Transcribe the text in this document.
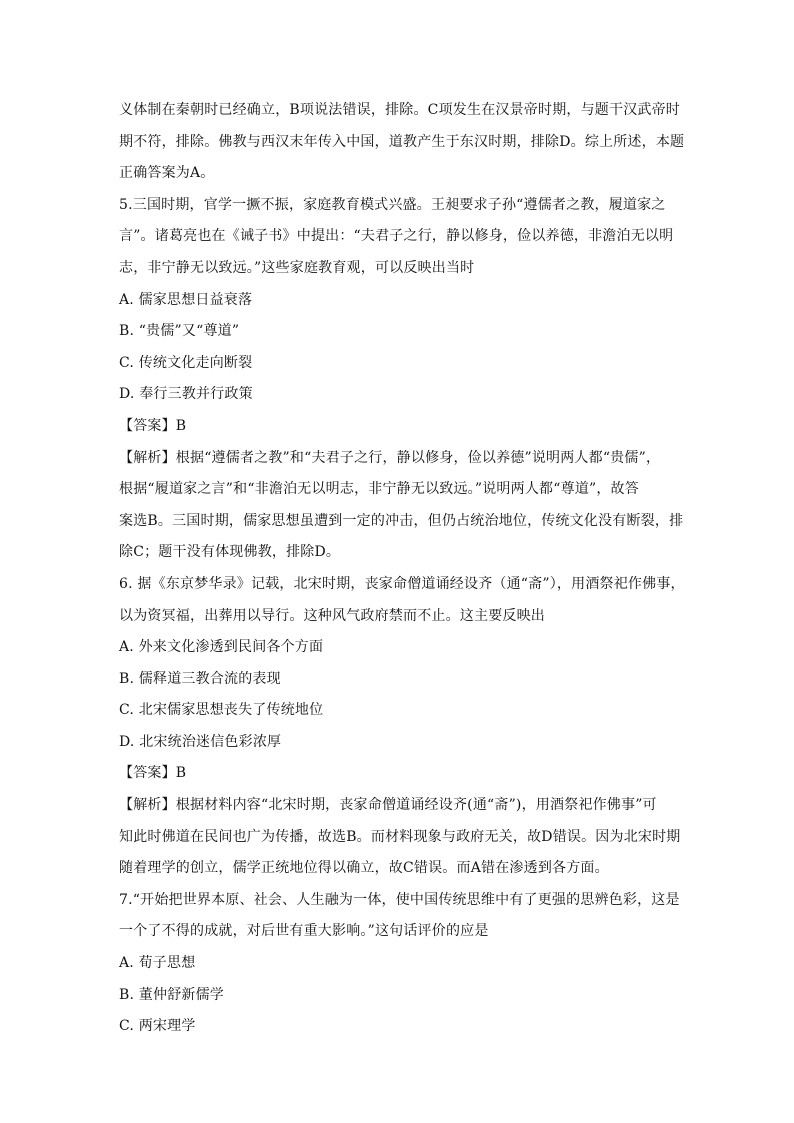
义体制在秦朝时已经确立，B项说法错误，排除。C项发生在汉景帝时期，与题干汉武帝时

期不符，排除。佛教与西汉末年传入中国，道教产生于东汉时期，排除D。综上所述，本题

正确答案为A。

5.三国时期，官学一撅不振，家庭教育模式兴盛。王昶要求子孙“遵儒者之教，履道家之

言”。诸葛亮也在《诫子书》中提出：“夫君子之行，静以修身，俭以养德，非澹泊无以明

志，非宁静无以致远。”这些家庭教育观，可以反映出当时

A. 儒家思想日益衰落

B. “贵儒”又“尊道”

C. 传统文化走向断裂

D. 奉行三教并行政策

【答案】B

【解析】根据“遵儒者之教”和“夫君子之行，静以修身，俭以养德”说明两人都“贵儒”，

根据“履道家之言”和“非澹泊无以明志，非宁静无以致远。”说明两人都“尊道”，故答

案选B。三国时期，儒家思想虽遭到一定的冲击，但仍占统治地位，传统文化没有断裂，排

除C；题干没有体现佛教，排除D。

6. 据《东京梦华录》记载，北宋时期，丧家命僧道诵经设齐（通“斋”），用酒祭祀作佛事，

以为资冥福，出葬用以导行。这种风气政府禁而不止。这主要反映出

A. 外来文化渗透到民间各个方面

B. 儒释道三教合流的表现

C. 北宋儒家思想丧失了传统地位

D. 北宋统治迷信色彩浓厚

【答案】B

【解析】根据材料内容“北宋时期，丧家命僧道诵经设齐(通“斋”)，用酒祭祀作佛事”可

知此时佛道在民间也广为传播，故选B。而材料现象与政府无关，故D错误。因为北宋时期

随着理学的创立，儒学正统地位得以确立，故C错误。而A错在渗透到各方面。

7.“开始把世界本原、社会、人生融为一体，使中国传统思维中有了更强的思辨色彩，这是

一个了不得的成就，对后世有重大影响。”这句话评价的应是

A. 荀子思想

B. 董仲舒新儒学

C. 两宋理学
